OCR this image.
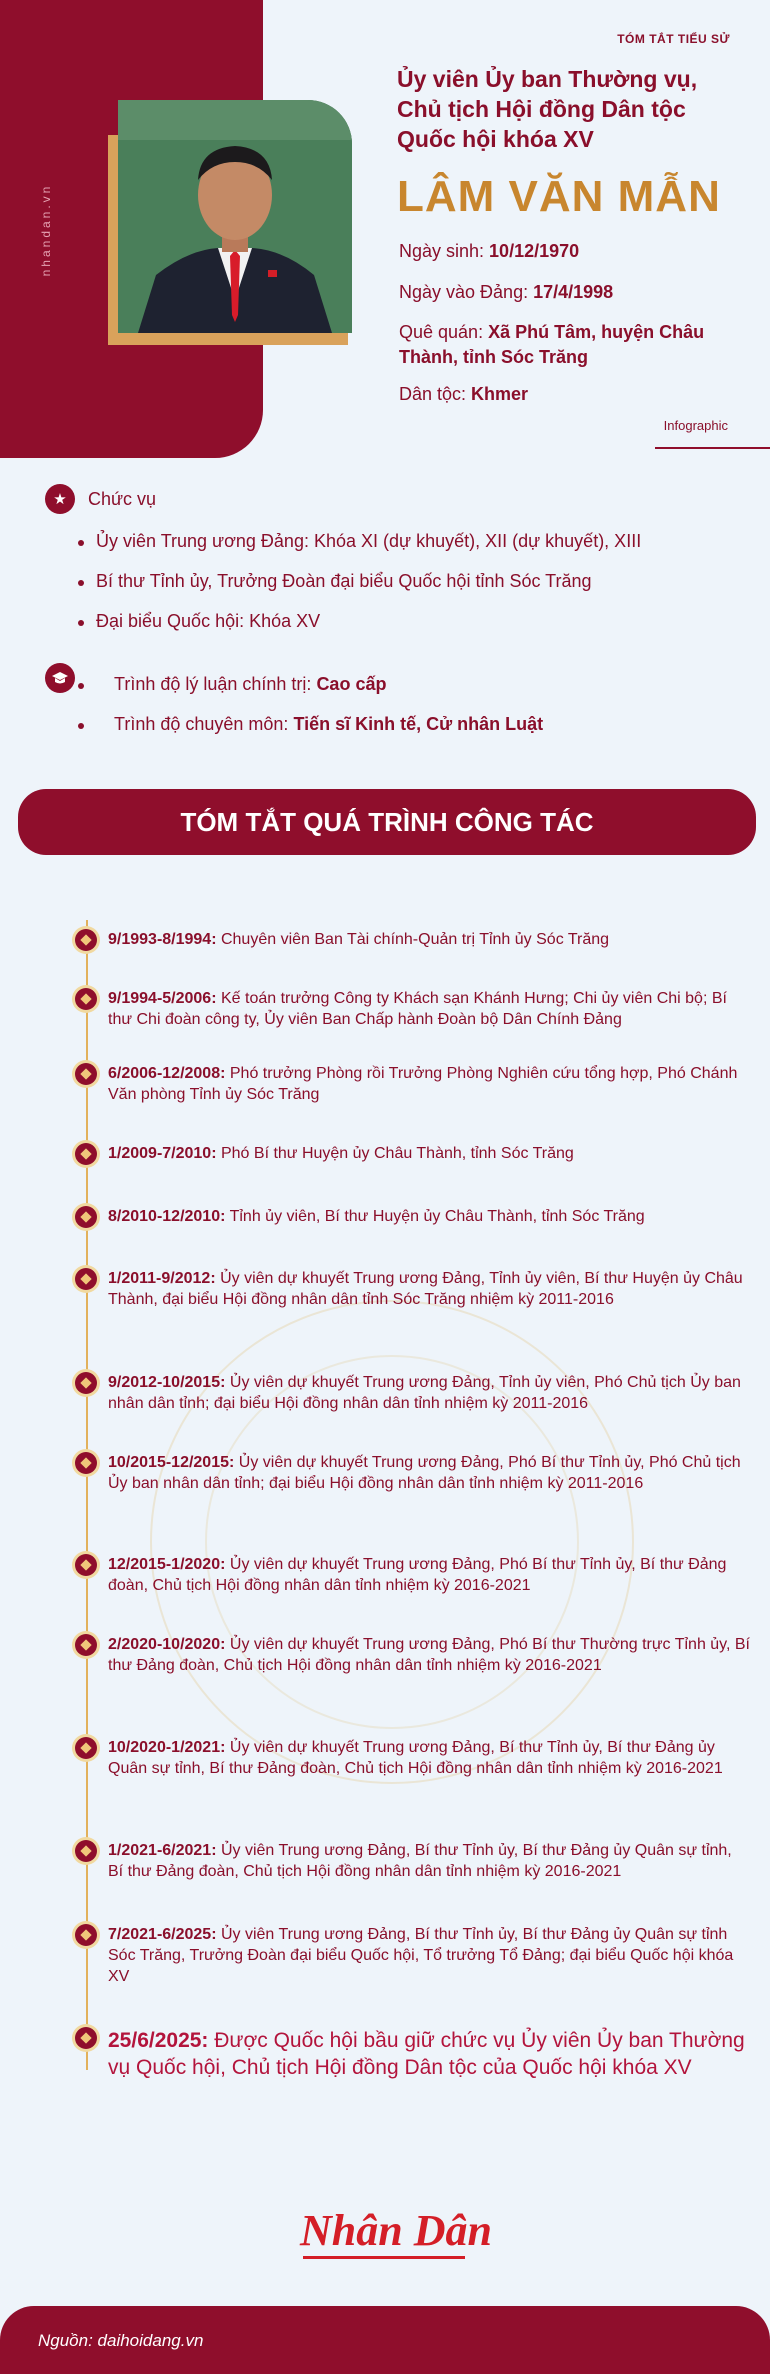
nhandan.vn
TÓM TẮT TIỂU SỬ
Ủy viên Ủy ban Thường vụ, Chủ tịch Hội đồng Dân tộc Quốc hội khóa XV
LÂM VĂN MẪN
Ngày sinh: 10/12/1970
Ngày vào Đảng: 17/4/1998
Quê quán: Xã Phú Tâm, huyện Châu Thành, tỉnh Sóc Trăng
Dân tộc: Khmer
Infographic
★	Chức vụ
Ủy viên Trung ương Đảng: Khóa XI (dự khuyết), XII (dự khuyết), XIII
Bí thư Tỉnh ủy, Trưởng Đoàn đại biểu Quốc hội tỉnh Sóc Trăng
Đại biểu Quốc hội: Khóa XV
Trình độ lý luận chính trị: Cao cấp
Trình độ chuyên môn: Tiến sĩ Kinh tế, Cử nhân Luật
TÓM TẮT QUÁ TRÌNH CÔNG TÁC
9/1993-8/1994: Chuyên viên Ban Tài chính-Quản trị Tỉnh ủy Sóc Trăng
9/1994-5/2006: Kế toán trưởng Công ty Khách sạn Khánh Hưng; Chi ủy viên Chi bộ; Bí thư Chi đoàn công ty, Ủy viên Ban Chấp hành Đoàn bộ Dân Chính Đảng
6/2006-12/2008: Phó trưởng Phòng rồi Trưởng Phòng Nghiên cứu tổng hợp, Phó Chánh Văn phòng Tỉnh ủy Sóc Trăng
1/2009-7/2010: Phó Bí thư Huyện ủy Châu Thành, tỉnh Sóc Trăng
8/2010-12/2010: Tỉnh ủy viên, Bí thư Huyện ủy Châu Thành, tỉnh Sóc Trăng
1/2011-9/2012: Ủy viên dự khuyết Trung ương Đảng, Tỉnh ủy viên, Bí thư Huyện ủy Châu Thành, đại biểu Hội đồng nhân dân tỉnh Sóc Trăng nhiệm kỳ 2011-2016
9/2012-10/2015: Ủy viên dự khuyết Trung ương Đảng, Tỉnh ủy viên, Phó Chủ tịch Ủy ban nhân dân tỉnh; đại biểu Hội đồng nhân dân tỉnh nhiệm kỳ 2011-2016
10/2015-12/2015: Ủy viên dự khuyết Trung ương Đảng, Phó Bí thư Tỉnh ủy, Phó Chủ tịch Ủy ban nhân dân tỉnh; đại biểu Hội đồng nhân dân tỉnh nhiệm kỳ 2011-2016
12/2015-1/2020: Ủy viên dự khuyết Trung ương Đảng, Phó Bí thư Tỉnh ủy, Bí thư Đảng đoàn, Chủ tịch Hội đồng nhân dân tỉnh nhiệm kỳ 2016-2021
2/2020-10/2020: Ủy viên dự khuyết Trung ương Đảng, Phó Bí thư Thường trực Tỉnh ủy, Bí thư Đảng đoàn, Chủ tịch Hội đồng nhân dân tỉnh nhiệm kỳ 2016-2021
10/2020-1/2021: Ủy viên dự khuyết Trung ương Đảng, Bí thư Tỉnh ủy, Bí thư Đảng ủy Quân sự tỉnh, Bí thư Đảng đoàn, Chủ tịch Hội đồng nhân dân tỉnh nhiệm kỳ 2016-2021
1/2021-6/2021: Ủy viên Trung ương Đảng, Bí thư Tỉnh ủy, Bí thư Đảng ủy Quân sự tỉnh, Bí thư Đảng đoàn, Chủ tịch Hội đồng nhân dân tỉnh nhiệm kỳ 2016-2021
7/2021-6/2025: Ủy viên Trung ương Đảng, Bí thư Tỉnh ủy, Bí thư Đảng ủy Quân sự tỉnh Sóc Trăng, Trưởng Đoàn đại biểu Quốc hội, Tổ trưởng Tổ Đảng; đại biểu Quốc hội khóa XV
25/6/2025: Được Quốc hội bầu giữ chức vụ Ủy viên Ủy ban Thường vụ Quốc hội, Chủ tịch Hội đồng Dân tộc của Quốc hội khóa XV
Nhân Dân
Nguồn: daihoidang.vn
